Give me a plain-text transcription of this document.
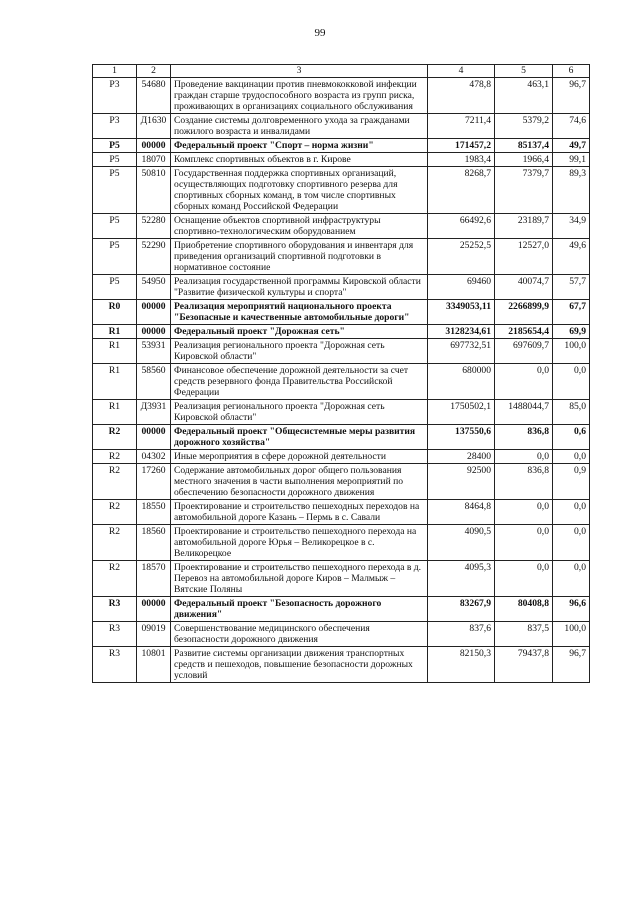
99
1	2	3	4	5	6
Р3	54680	Проведение вакцинации против пневмококковой инфекции граждан старше трудоспособного возраста из групп риска, проживающих в организациях социального обслуживания	478,8	463,1	96,7
Р3	Д1630	Создание системы долговременного ухода за гражданами пожилого возраста и инвалидами	7211,4	5379,2	74,6
Р5	00000	Федеральный проект "Спорт – норма жизни"	171457,2	85137,4	49,7
Р5	18070	Комплекс спортивных объектов в г. Кирове	1983,4	1966,4	99,1
Р5	50810	Государственная поддержка спортивных организаций, осуществляющих подготовку спортивного резерва для спортивных сборных команд, в том числе спортивных сборных команд Российской Федерации	8268,7	7379,7	89,3
Р5	52280	Оснащение объектов спортивной инфраструктуры спортивно-технологическим оборудованием	66492,6	23189,7	34,9
Р5	52290	Приобретение спортивного оборудования и инвентаря для приведения организаций спортивной подготовки в нормативное состояние	25252,5	12527,0	49,6
Р5	54950	Реализация государственной программы Кировской области "Развитие физической культуры и спорта"	69460	40074,7	57,7
R0	00000	Реализация мероприятий национального проекта "Безопасные и качественные автомобильные дороги"	3349053,11	2266899,9	67,7
R1	00000	Федеральный проект "Дорожная сеть"	3128234,61	2185654,4	69,9
R1	53931	Реализация регионального проекта "Дорожная сеть Кировской области"	697732,51	697609,7	100,0
R1	58560	Финансовое обеспечение дорожной деятельности за счет средств резервного фонда Правительства Российской Федерации	680000	0,0	0,0
R1	Д3931	Реализация регионального проекта "Дорожная сеть Кировской области"	1750502,1	1488044,7	85,0
R2	00000	Федеральный проект "Общесистемные меры развития дорожного хозяйства"	137550,6	836,8	0,6
R2	04302	Иные мероприятия в сфере дорожной деятельности	28400	0,0	0,0
R2	17260	Содержание автомобильных дорог общего пользования местного значения в части выполнения мероприятий по обеспечению безопасности дорожного движения	92500	836,8	0,9
R2	18550	Проектирование и строительство пешеходных переходов на автомобильной дороге Казань – Пермь в с. Савали	8464,8	0,0	0,0
R2	18560	Проектирование и строительство пешеходного перехода на автомобильной дороге Юрья – Великорецкое в с. Великорецкое	4090,5	0,0	0,0
R2	18570	Проектирование и строительство пешеходного перехода в д. Перевоз на автомобильной дороге Киров – Малмыж – Вятские Поляны	4095,3	0,0	0,0
R3	00000	Федеральный проект "Безопасность дорожного движения"	83267,9	80408,8	96,6
R3	09019	Совершенствование медицинского обеспечения безопасности дорожного движения	837,6	837,5	100,0
R3	10801	Развитие системы организации движения транспортных средств и пешеходов, повышение безопасности дорожных условий	82150,3	79437,8	96,7
